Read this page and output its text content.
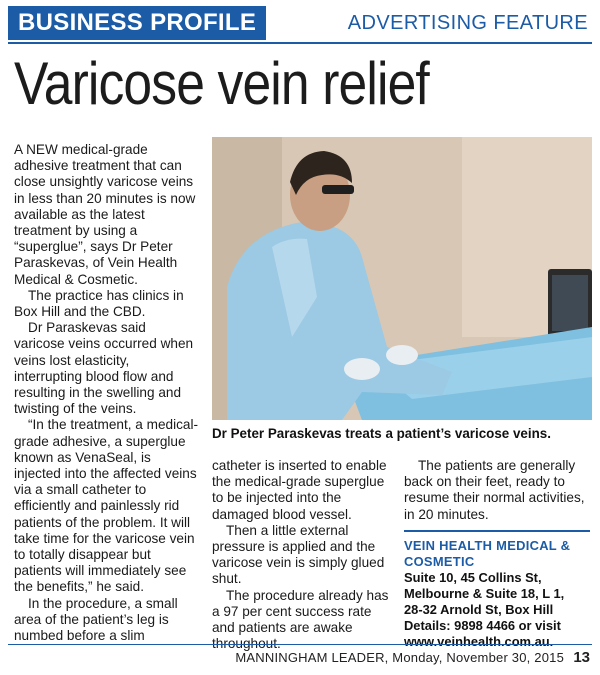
BUSINESS PROFILE	ADVERTISING FEATURE
Varicose vein relief

A NEW medical-grade adhesive treatment that can close unsightly varicose veins in less than 20 minutes is now available as the latest treatment by using a “superglue”, says Dr Peter Paraskevas, of Vein Health Medical & Cosmetic.

The practice has clinics in Box Hill and the CBD.

Dr Paraskevas said varicose veins occurred when veins lost elasticity, interrupting blood flow and resulting in the swelling and twisting of the veins.

“In the treatment, a medical-grade adhesive, a superglue known as VenaSeal, is injected into the affected veins via a small catheter to efficiently and painlessly rid patients of the problem. It will take time for the varicose vein to totally disappear but patients will immediately see the benefits,” he said.

In the procedure, a small area of the patient’s leg is numbed before a slim

Dr Peter Paraskevas treats a patient’s varicose veins.

catheter is inserted to enable the medical-grade superglue to be injected into the damaged blood vessel.

Then a little external pressure is applied and the varicose vein is simply glued shut.

The procedure already has a 97 per cent success rate and patients are awake throughout.

The patients are generally back on their feet, ready to resume their normal activities, in 20 minutes.

VEIN HEALTH MEDICAL & COSMETIC
Suite 10, 45 Collins St,
Melbourne & Suite 18, L 1,
28-32 Arnold St, Box Hill
Details: 9898 4466 or visit
www.veinhealth.com.au.
MANNINGHAM LEADER, Monday, November 30, 2015 13
